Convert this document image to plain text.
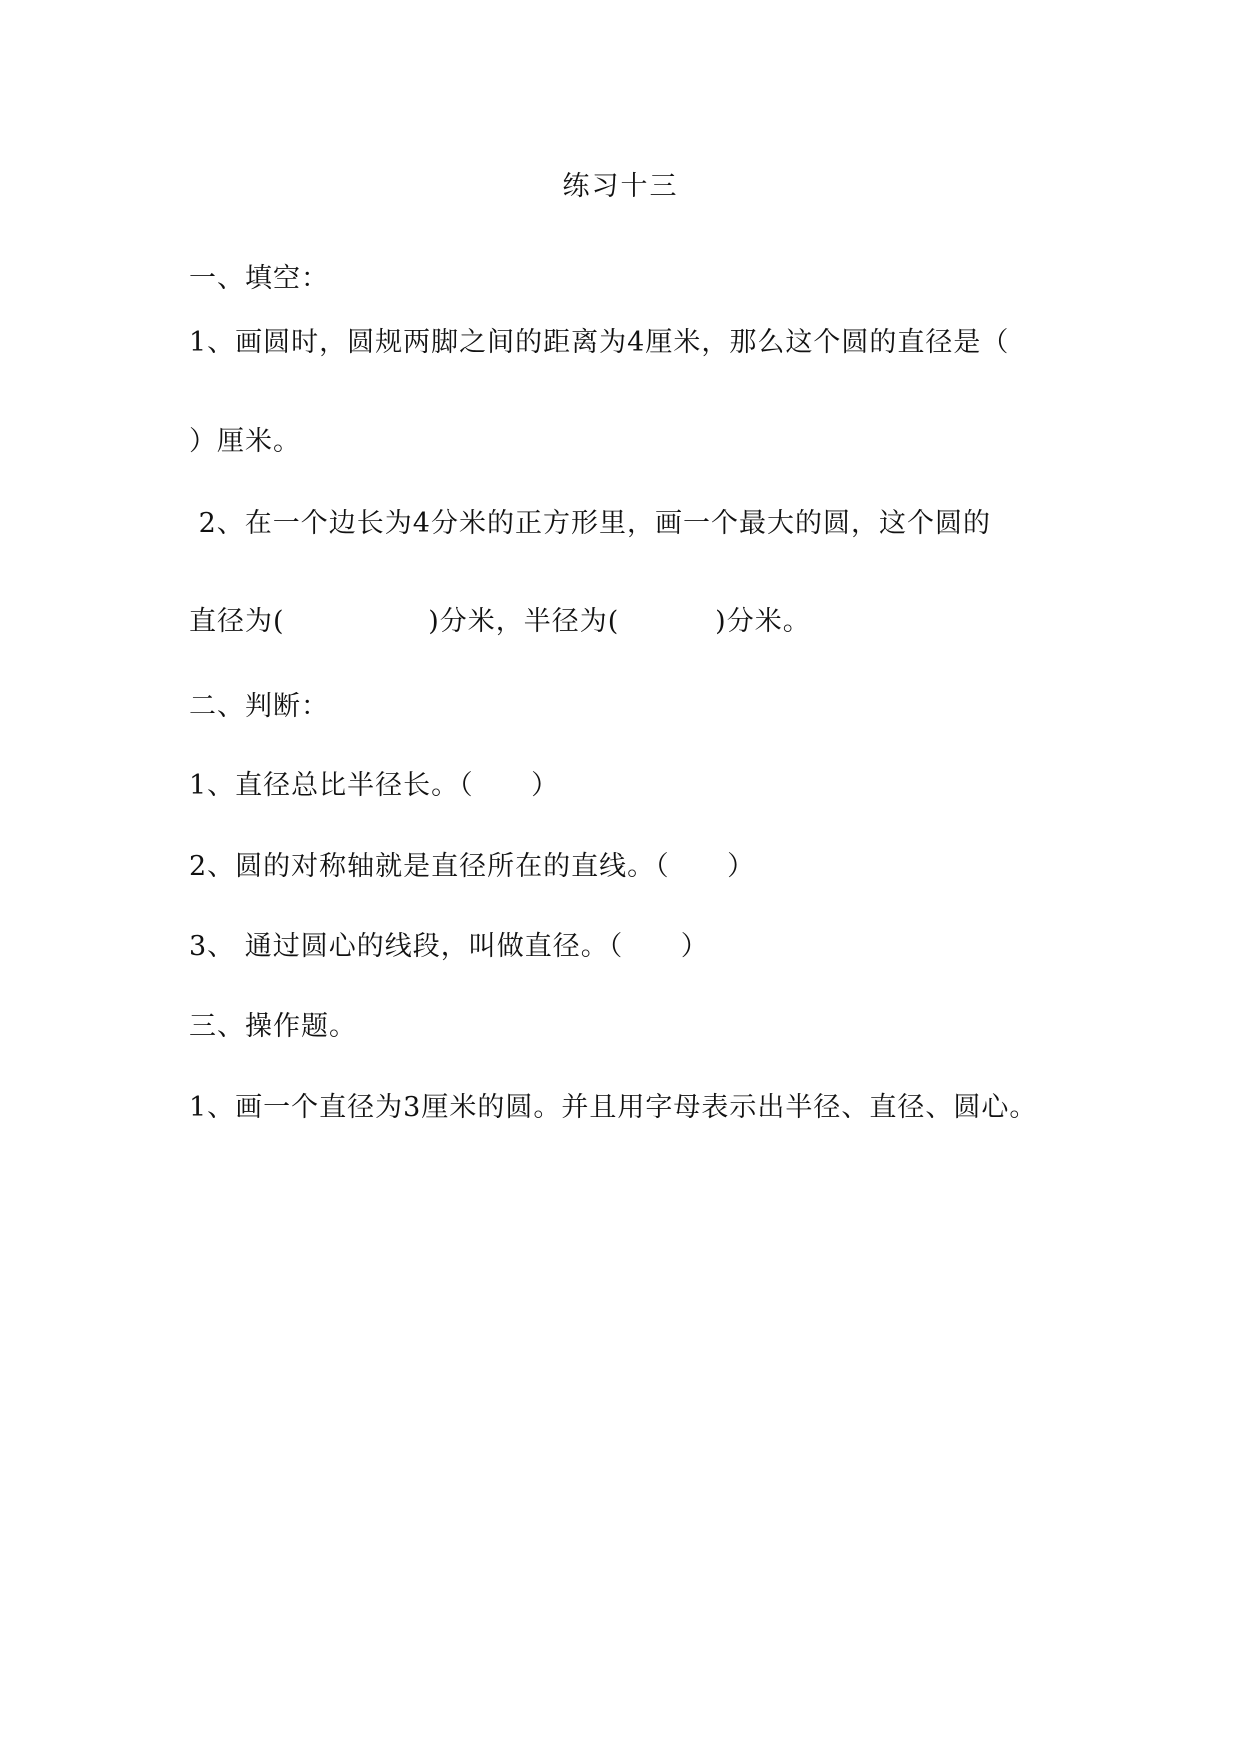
练习十三
一、填空：
1、画圆时，圆规两脚之间的距离为4厘米，那么这个圆的直径是（
）厘米。
2、在一个边长为4分米的正方形里，画一个最大的圆，这个圆的
直径为(               )分米，半径为(          )分米。
二、判断：
1、直径总比半径长。（      ）
2、圆的对称轴就是直径所在的直线。（      ）
3、 通过圆心的线段，叫做直径。（      ）
三、操作题。
1、画一个直径为3厘米的圆。并且用字母表示出半径、直径、圆心。
